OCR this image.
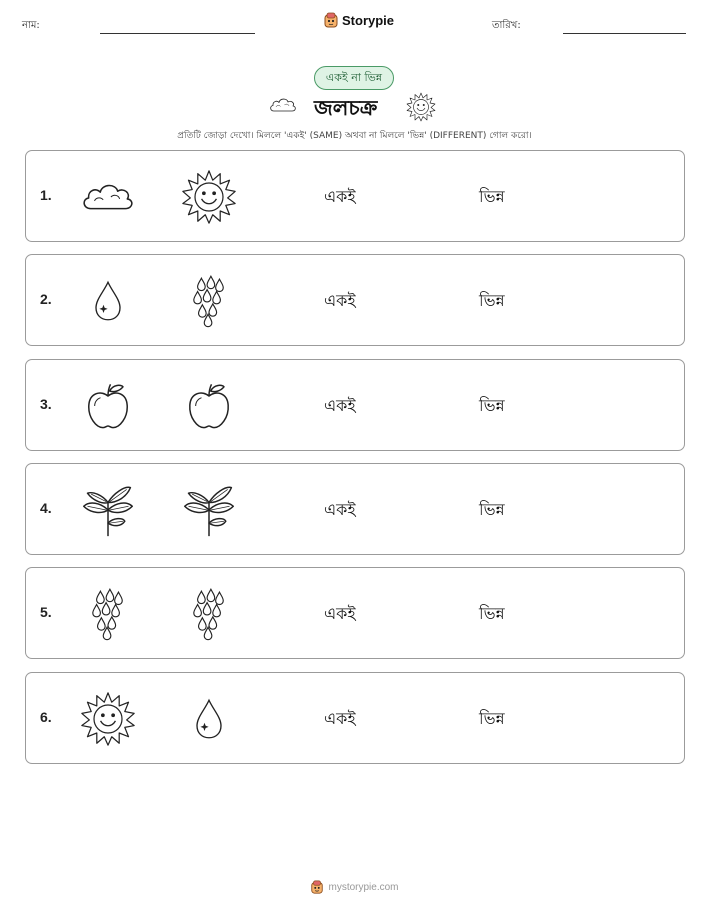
নাম:	Storypie	তারিখ:
একই না ভিন্ন
জলচক্র
প্রতিটি জোড়া দেখো। মিললে 'একই' (SAME) অথবা না মিললে 'ভিন্ন' (DIFFERENT) গোল করো।
1.	একই	ভিন্ন
2.	একই	ভিন্ন
3.	একই	ভিন্ন
4.	একই	ভিন্ন
5.	একই	ভিন্ন
6.	একই	ভিন্ন
mystorypie.com
